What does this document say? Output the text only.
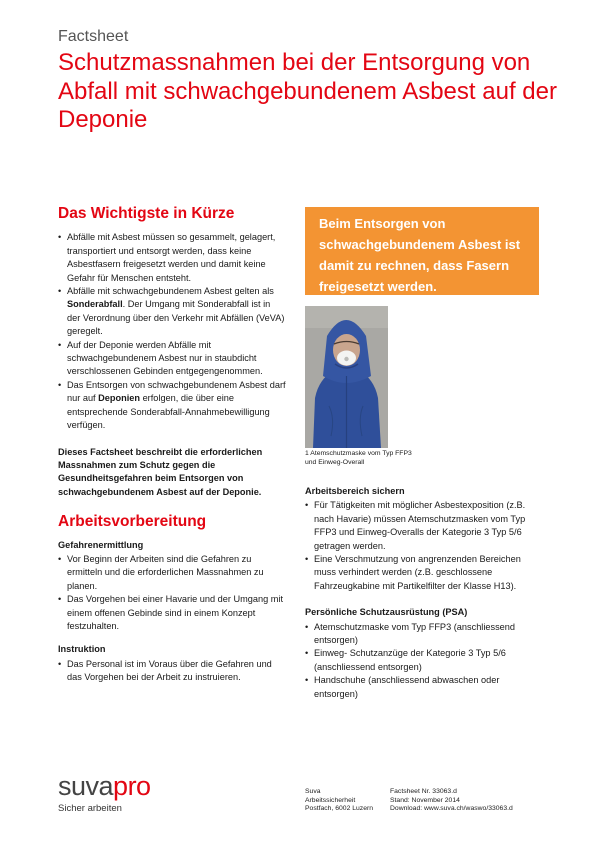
Factsheet
Schutzmassnahmen bei der Entsorgung von Abfall mit schwachgebundenem Asbest auf der Deponie
Das Wichtigste in Kürze
• Abfälle mit Asbest müssen so gesammelt, gelagert, transportiert und entsorgt werden, dass keine Asbestfasern freigesetzt werden und damit keine Gefahr für Menschen entsteht.
• Abfälle mit schwachgebundenem Asbest gelten als Sonderabfall. Der Umgang mit Sonderabfall ist in der Verordnung über den Verkehr mit Abfällen (VeVA) geregelt.
• Auf der Deponie werden Abfälle mit schwachgebundenem Asbest nur in staubdicht verschlossenen Gebinden entgegengenommen.
• Das Entsorgen von schwachgebundenem Asbest darf nur auf Deponien erfolgen, die über eine entsprechende Sonderabfall-Annahmebewilligung verfügen.

Dieses Factsheet beschreibt die erforderlichen Massnahmen zum Schutz gegen die Gesundheitsgefahren beim Entsorgen von schwachgebundenem Asbest auf der Deponie.

Arbeitsvorbereitung

Gefahrenermittlung

• Vor Beginn der Arbeiten sind die Gefahren zu ermitteln und die erforderlichen Massnahmen zu planen.
• Das Vorgehen bei einer Havarie und der Umgang mit einem offenen Gebinde sind in einem Konzept festzuhalten.

Instruktion

• Das Personal ist im Voraus über die Gefahren und das Vorgehen bei der Arbeit zu instruieren.
Beim Entsorgen von schwachgebundenem Asbest ist damit zu rechnen, dass Fasern freigesetzt werden.
1 Atemschutzmaske vom Typ FFP3 und Einweg-Overall

Arbeitsbereich sichern

• Für Tätigkeiten mit möglicher Asbestexposition (z.B. nach Havarie) müssen Atemschutzmasken vom Typ FFP3 und Einweg-Overalls der Kategorie 3 Typ 5/6 getragen werden.
• Eine Verschmutzung von angrenzenden Bereichen muss verhindert werden (z.B. geschlossene Fahrzeugkabine mit Partikelfilter der Klasse H13).

Persönliche Schutzausrüstung (PSA)

• Atemschutzmaske vom Typ FFP3 (anschliessend entsorgen)
• Einweg- Schutzanzüge der Kategorie 3 Typ 5/6 (anschliessend entsorgen)
• Handschuhe (anschliessend abwaschen oder entsorgen)
suvapro
Sicher arbeiten
Suva
Arbeitssicherheit
Postfach, 6002 Luzern
Factsheet Nr. 33063.d
Stand: November 2014
Download: www.suva.ch/waswo/33063.d
